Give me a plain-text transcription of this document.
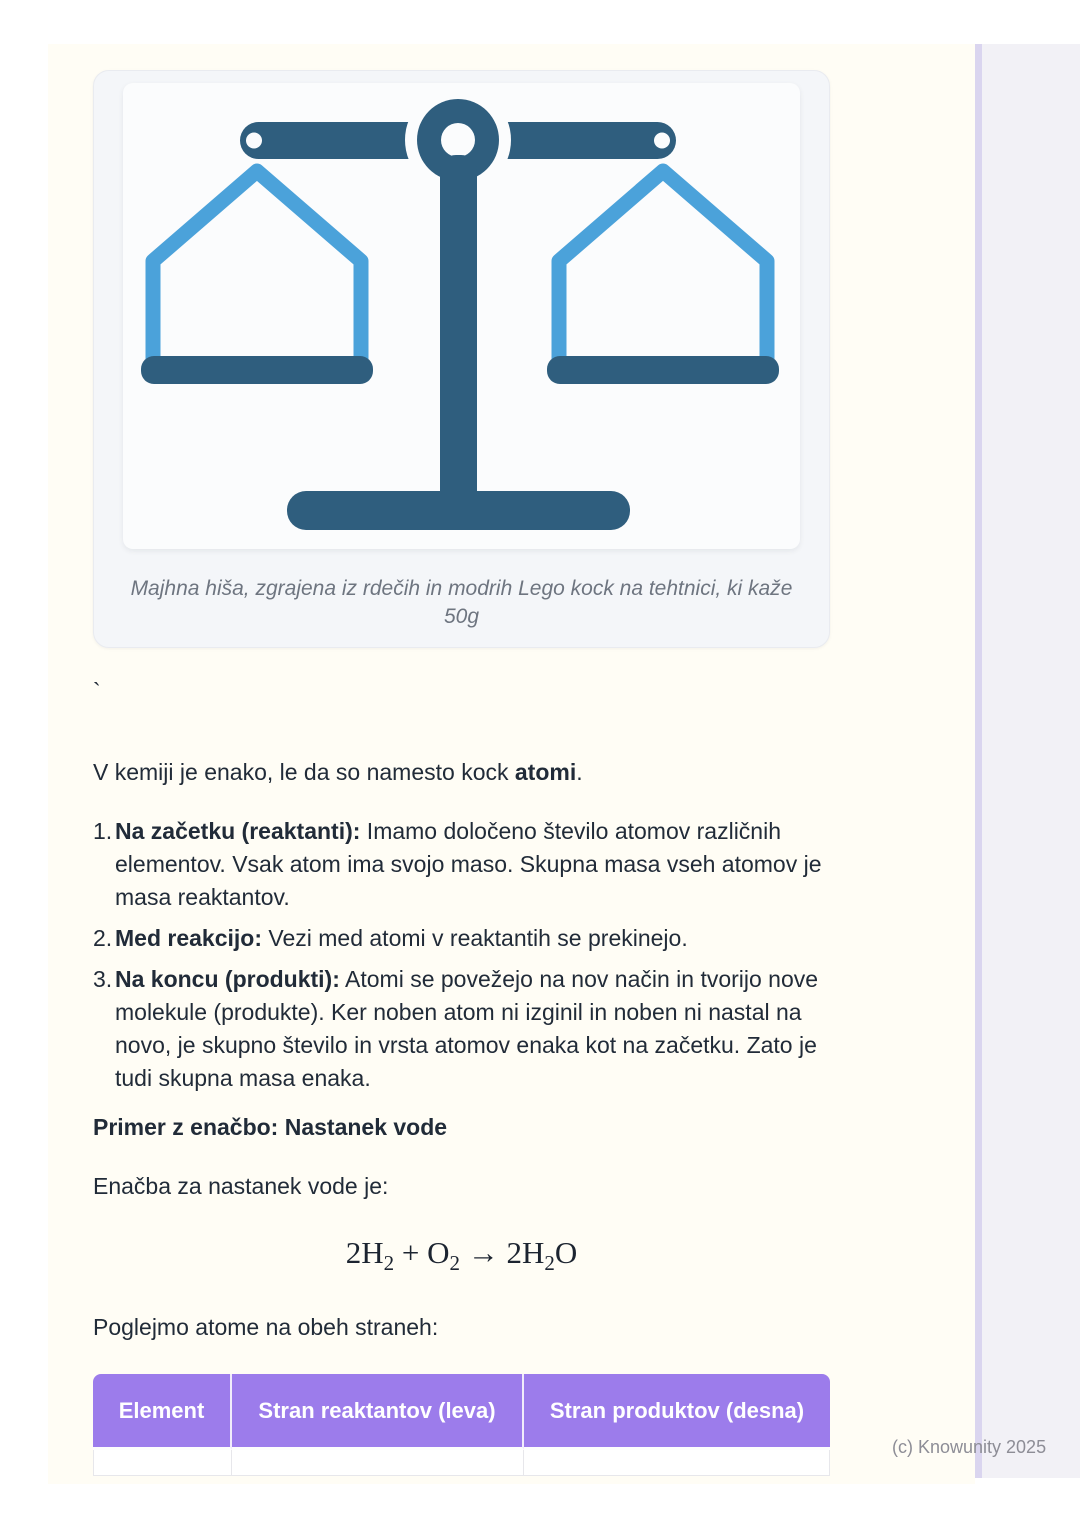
(c) Knowunity 2025
Majhna hiša, zgrajena iz rdečih in modrih Lego kock na tehtnici, ki kaže 50g

`

V kemiji je enako, le da so namesto kock atomi.

1. Na začetku (reaktanti): Imamo določeno število atomov različnih elementov. Vsak atom ima svojo maso. Skupna masa vseh atomov je masa reaktantov.
2. Med reakcijo: Vezi med atomi v reaktantih se prekinejo.
3. Na koncu (produkti): Atomi se povežejo na nov način in tvorijo nove molekule (produkte). Ker noben atom ni izginil in noben ni nastal na novo, je skupno število in vrsta atomov enaka kot na začetku. Zato je tudi skupna masa enaka.
Primer z enačbo: Nastanek vode

Enačba za nastanek vode je:

$2H_2 + O_2 \to 2H_2O$

Poglejmo atome na obeh straneh:

Element	Stran reaktantov (leva)	Stran produktov (desna)
